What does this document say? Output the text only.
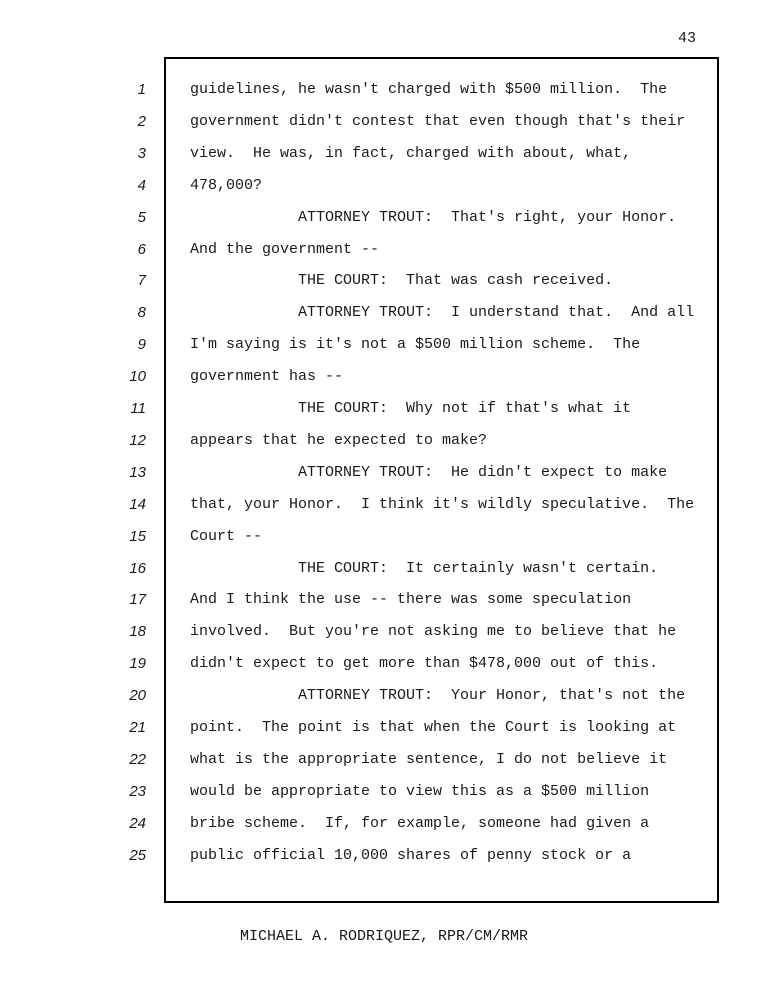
43
1
2
3
4
5
6
7
8
9
10
11
12
13
14
15
16
17
18
19
20
21
22
23
24
25
guidelines, he wasn't charged with $500 million.  The
government didn't contest that even though that's their
view.  He was, in fact, charged with about, what,
478,000?
ATTORNEY TROUT:  That's right, your Honor.
And the government --
THE COURT:  That was cash received.
ATTORNEY TROUT:  I understand that.  And all
I'm saying is it's not a $500 million scheme.  The
government has --
THE COURT:  Why not if that's what it
appears that he expected to make?
ATTORNEY TROUT:  He didn't expect to make
that, your Honor.  I think it's wildly speculative.  The
Court --
THE COURT:  It certainly wasn't certain.
And I think the use -- there was some speculation
involved.  But you're not asking me to believe that he
didn't expect to get more than $478,000 out of this.
ATTORNEY TROUT:  Your Honor, that's not the
point.  The point is that when the Court is looking at
what is the appropriate sentence, I do not believe it
would be appropriate to view this as a $500 million
bribe scheme.  If, for example, someone had given a
public official 10,000 shares of penny stock or a
MICHAEL A. RODRIQUEZ, RPR/CM/RMR
